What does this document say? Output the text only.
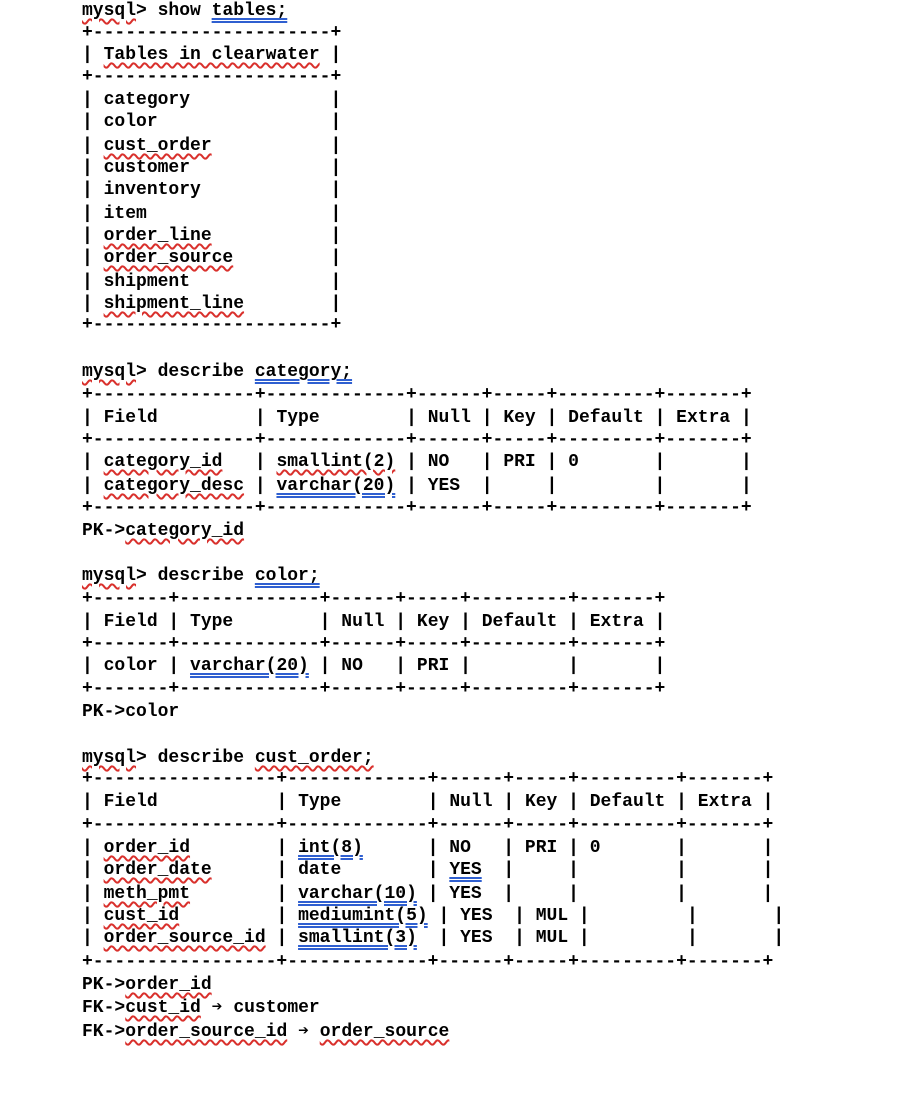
mysql> show tables;
+----------------------+
| Tables in clearwater |
+----------------------+
| category             |
| color                |
| cust_order           |
| customer             |
| inventory            |
| item                 |
| order_line           |
| order_source         |
| shipment             |
| shipment_line        |
+----------------------+
mysql> describe category;
+---------------+-------------+------+-----+---------+-------+
| Field         | Type        | Null | Key | Default | Extra |
+---------------+-------------+------+-----+---------+-------+
| category_id   | smallint(2) | NO   | PRI | 0       |       |
| category_desc | varchar(20) | YES  |     |         |       |
+---------------+-------------+------+-----+---------+-------+
PK->category_id
mysql> describe color;
+-------+-------------+------+-----+---------+-------+
| Field | Type        | Null | Key | Default | Extra |
+-------+-------------+------+-----+---------+-------+
| color | varchar(20) | NO   | PRI |         |       |
+-------+-------------+------+-----+---------+-------+
PK->color
mysql> describe cust_order;
+-----------------+-------------+------+-----+---------+-------+
| Field           | Type        | Null | Key | Default | Extra |
+-----------------+-------------+------+-----+---------+-------+
| order_id        | int(8)      | NO   | PRI | 0       |       |
| order_date      | date        | YES  |     |         |       |
| meth_pmt        | varchar(10) | YES  |     |         |       |
| cust_id         | mediumint(5) | YES  | MUL |         |       |
| order_source_id | smallint(3)  | YES  | MUL |         |       |
+-----------------+-------------+------+-----+---------+-------+
PK->order_id
FK->cust_id ➔ customer
FK->order_source_id ➔ order_source
